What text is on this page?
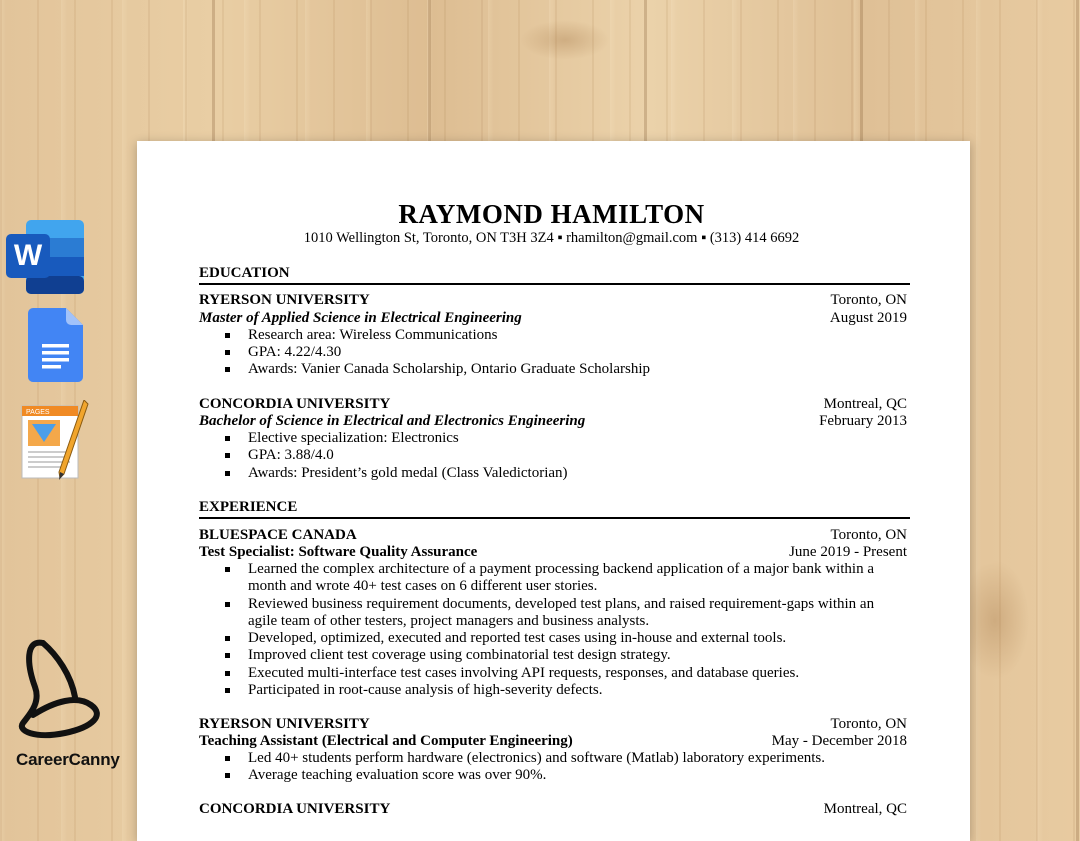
W
PAGES
CareerCanny
RAYMOND HAMILTON
1010 Wellington St, Toronto, ON T3H 3Z4 ▪ rhamilton@gmail.com ▪ (313) 414 6692
EDUCATION
RYERSON UNIVERSITY	Toronto, ON
Master of Applied Science in Electrical Engineering	August 2019
Research area: Wireless Communications
GPA: 4.22/4.30
Awards: Vanier Canada Scholarship, Ontario Graduate Scholarship
CONCORDIA UNIVERSITY	Montreal, QC
Bachelor of Science in Electrical and Electronics Engineering	February 2013
Elective specialization: Electronics
GPA: 3.88/4.0
Awards: President’s gold medal (Class Valedictorian)
EXPERIENCE
BLUESPACE CANADA	Toronto, ON
Test Specialist: Software Quality Assurance	June 2019 - Present
Learned the complex architecture of a payment processing backend application of a major bank within a month and wrote 40+ test cases on 6 different user stories.
Reviewed business requirement documents, developed test plans, and raised requirement-gaps within an agile team of other testers, project managers and business analysts.
Developed, optimized, executed and reported test cases using in-house and external tools.
Improved client test coverage using combinatorial test design strategy.
Executed multi-interface test cases involving API requests, responses, and database queries.
Participated in root-cause analysis of high-severity defects.
RYERSON UNIVERSITY	Toronto, ON
Teaching Assistant (Electrical and Computer Engineering)	May - December 2018
Led 40+ students perform hardware (electronics) and software (Matlab) laboratory experiments.
Average teaching evaluation score was over 90%.
CONCORDIA UNIVERSITY	Montreal, QC
